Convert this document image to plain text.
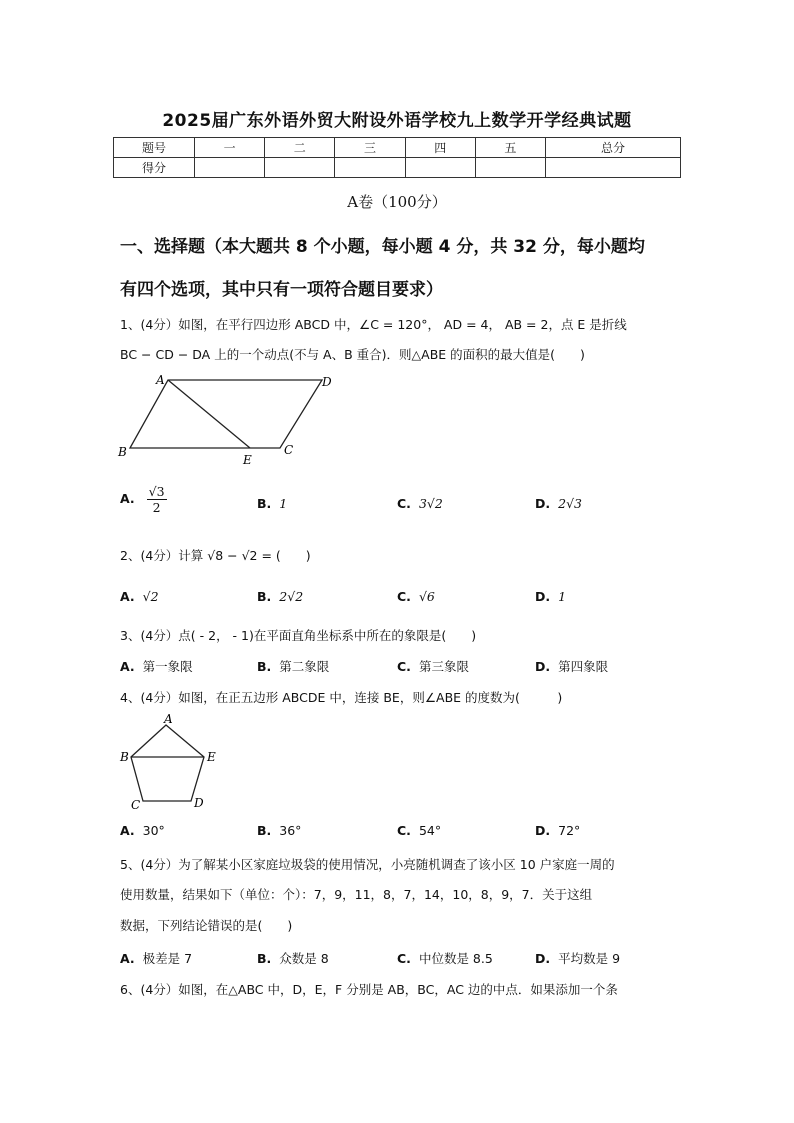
2025届广东外语外贸大附设外语学校九上数学开学经典试题
题号	一	二	三	四	五	总分
得分						
A卷（100分）
一、选择题（本大题共 8 个小题，每小题 4 分，共 32 分，每小题均
有四个选项，其中只有一项符合题目要求）
1、(4分）如图，在平行四边形 ABCD 中，∠C = 120°， AD = 4， AB = 2，点 E 是折线
BC − CD − DA 上的一个动点(不与 A、B 重合)．则△ABE 的面积的最大值是(　　)
A	D
B
E
C
A. $\frac{√3}{2}$	B. 1	C. 3√2	D. 2√3
2、(4分）计算 √8 − √2 = (　　)
A. √2	B. 2√2	C. √6	D. 1
3、(4分）点( - 2， - 1)在平面直角坐标系中所在的象限是(　　)
A. 第一象限	B. 第二象限	C. 第三象限	D. 第四象限
4、(4分）如图，在正五边形 ABCDE 中，连接 BE，则∠ABE 的度数为(　　　)
A
B	E
C	D
A. 30°	B. 36°	C. 54°	D. 72°
5、(4分）为了解某小区家庭垃圾袋的使用情况，小亮随机调查了该小区 10 户家庭一周的
使用数量，结果如下（单位：个）：7，9，11，8，7，14，10，8，9，7．关于这组
数据，下列结论错误的是(　　)
A. 极差是 7	B. 众数是 8	C. 中位数是 8.5	D. 平均数是 9
6、(4分）如图，在△ABC 中，D，E，F 分别是 AB，BC，AC 边的中点．如果添加一个条
